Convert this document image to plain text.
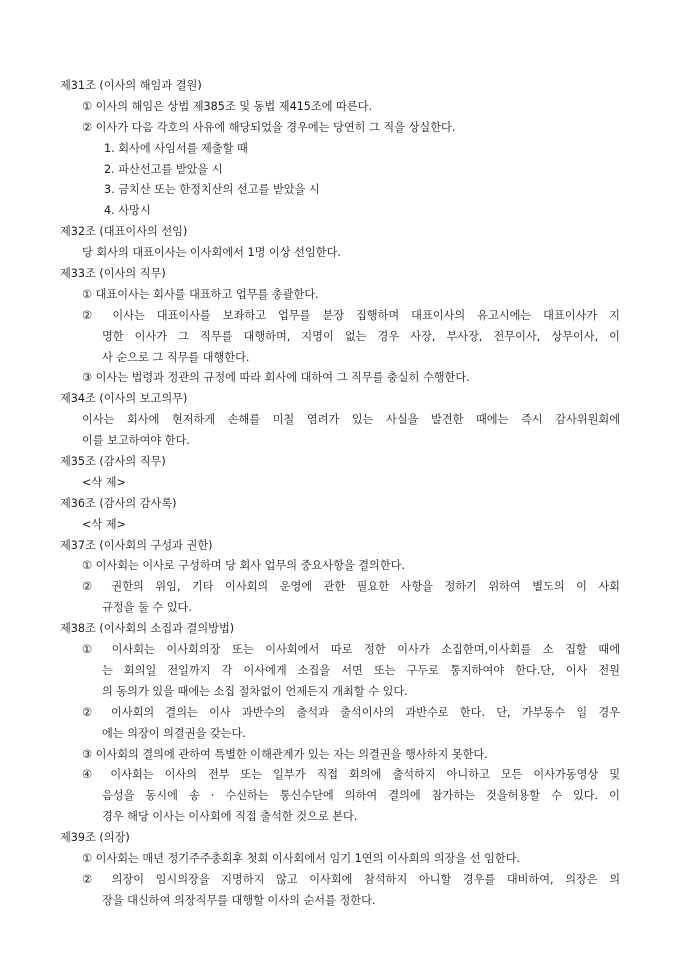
제31조 (이사의 해임과 결원)
① 이사의 해임은 상법 제385조 및 동법 제415조에 따른다.
② 이사가 다음 각호의 사유에 해당되었을 경우에는 당연히 그 직을 상실한다.
1. 회사에 사임서를 제출할 때
2. 파산선고를 받았을 시
3. 금치산 또는 한정치산의 선고를 받았을 시
4. 사망시
제32조 (대표이사의 선임)
당 회사의 대표이사는 이사회에서 1명 이상 선임한다.
제33조 (이사의 직무)
① 대표이사는 회사를 대표하고 업무를 총괄한다.
② 이사는 대표이사를 보좌하고 업무를 분장 집행하며 대표이사의 유고시에는 대표이사가 지
명한 이사가 그 직무를 대행하며, 지명이 없는 경우 사장, 부사장, 전무이사, 상무이사, 이
사 순으로 그 직무를 대행한다.
③ 이사는 법령과 정관의 규정에 따라 회사에 대하여 그 직무를 충실히 수행한다.
제34조 (이사의 보고의무)
이사는 회사에 현저하게 손해를 미칠 염려가 있는 사실을 발견한 때에는 즉시 감사위원회에
이를 보고하여야 한다.
제35조 (감사의 직무)
<삭 제>
제36조 (감사의 감사록)
<삭 제>
제37조 (이사회의 구성과 권한)
① 이사회는 이사로 구성하며 당 회사 업무의 중요사항을 결의한다.
② 권한의 위임, 기타 이사회의 운영에 관한 필요한 사항을 정하기 위하여 별도의 이 사회
규정을 둘 수 있다.
제38조 (이사회의 소집과 결의방법)
① 이사회는 이사회의장 또는 이사회에서 따로 정한 이사가 소집한며,이사회를 소 집할 때에
는 회의일 전일까지 각 이사에게 소집을 서면 또는 구두로 통지하여야 한다.단, 이사 전원
의 동의가 있을 때에는 소집 절차없이 언제든지 개최할 수 있다.
② 이사회의 결의는 이사 과반수의 출석과 출석이사의 과반수로 한다. 단, 가부동수 일 경우
에는 의장이 의결권을 갖는다.
③ 이사회의 결의에 관하여 특별한 이해관계가 있는 자는 의결권을 행사하지 못한다.
④ 이사회는 이사의 전부 또는 일부가 직접 회의에 출석하지 아니하고 모든 이사가동영상 및
음성을 동시에 송 · 수신하는 통신수단에 의하여 결의에 참가하는 것을허용할 수 있다. 이
경우 해당 이사는 이사회에 직접 출석한 것으로 본다.
제39조 (의장)
① 이사회는 매년 정기주주총회후 첫회 이사회에서 임기 1연의 이사회의 의장을 선 임한다.
② 의장이 임시의장을 지명하지 않고 이사회에 참석하지 아니할 경우를 대비하여, 의장은 의
장을 대신하여 의장직무를 대행할 이사의 순서를 정한다.
